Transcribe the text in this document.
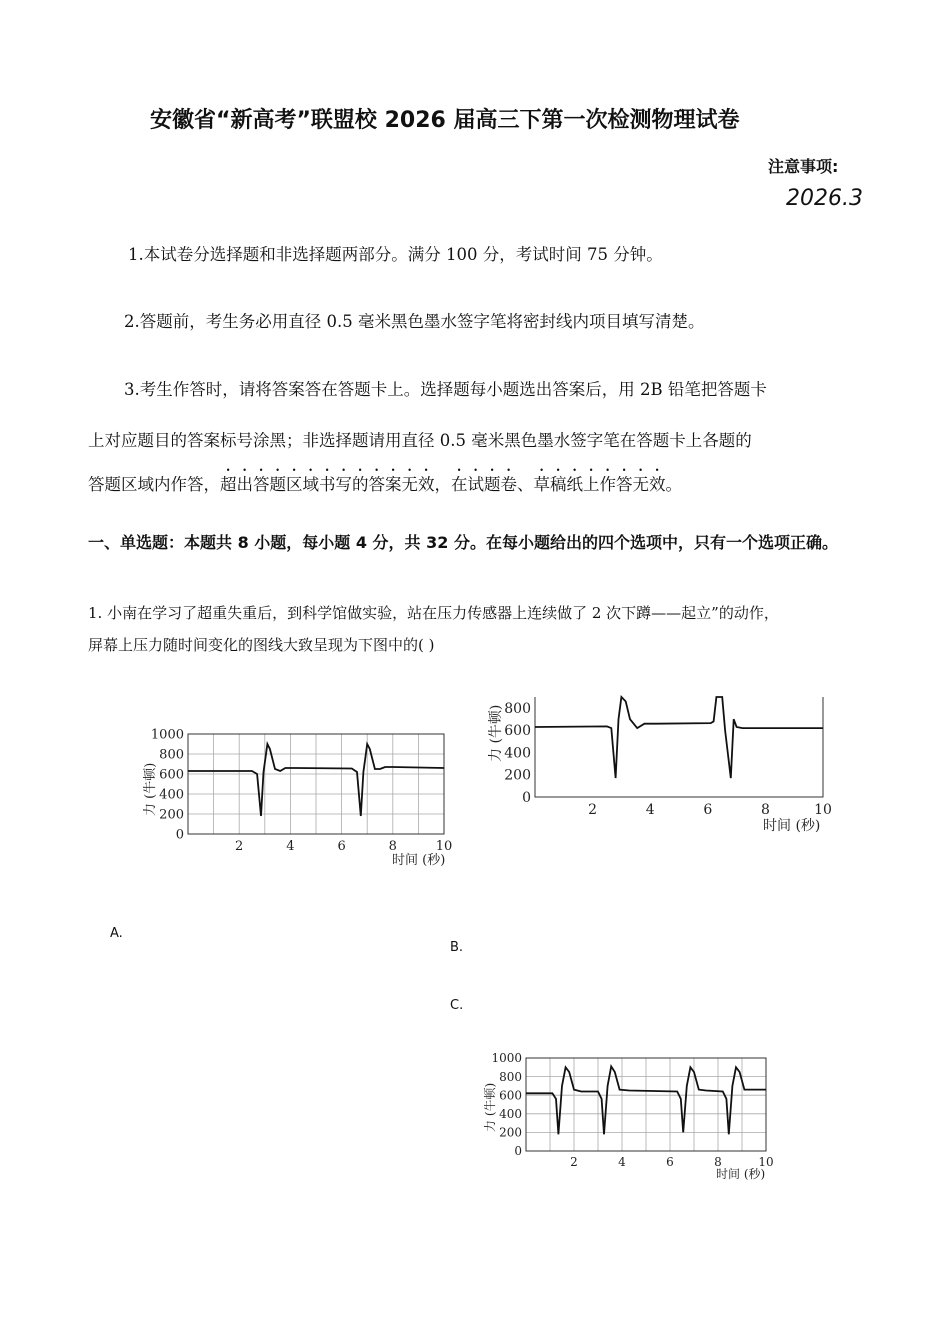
安徽省“新高考”联盟校 2026 届高三下第一次检测物理试卷
注意事项:
2026.3
1.本试卷分选择题和非选择题两部分。满分 100 分，考试时间 75 分钟。
2.答题前，考生务必用直径 0.5 毫米黑色墨水签字笔将密封线内项目填写清楚。
3.考生作答时，请将答案答在答题卡上。选择题每小题选出答案后，用 2B 铅笔把答题卡
上对应题目的答案标号涂黑；非选择题请用直径 0.5 毫米黑色墨水签字笔在答题卡上各题的
答题区域内作答，超出答题区域书写的答案无效，在试题卷、草稿纸上作答无效。
一、单选题：本题共 8 小题，每小题 4 分，共 32 分。在每小题给出的四个选项中，只有一个选项正确。
1. 小南在学习了超重失重后，到科学馆做实验，站在压力传感器上连续做了 2 次下蹲——起立”的动作，
屏幕上压力随时间变化的图线大致呈现为下图中的( )
0
200
400
600
800
1000
2	4	6	8	10
力 (牛顿)
时间 (秒)
0
200
400
600
800
2	4	6	8	10
力 (牛顿)
时间 (秒)
0
200
400
600
800
1000
2	4	6	8	10
力 (牛顿)
时间 (秒)
A.
B.
C.
